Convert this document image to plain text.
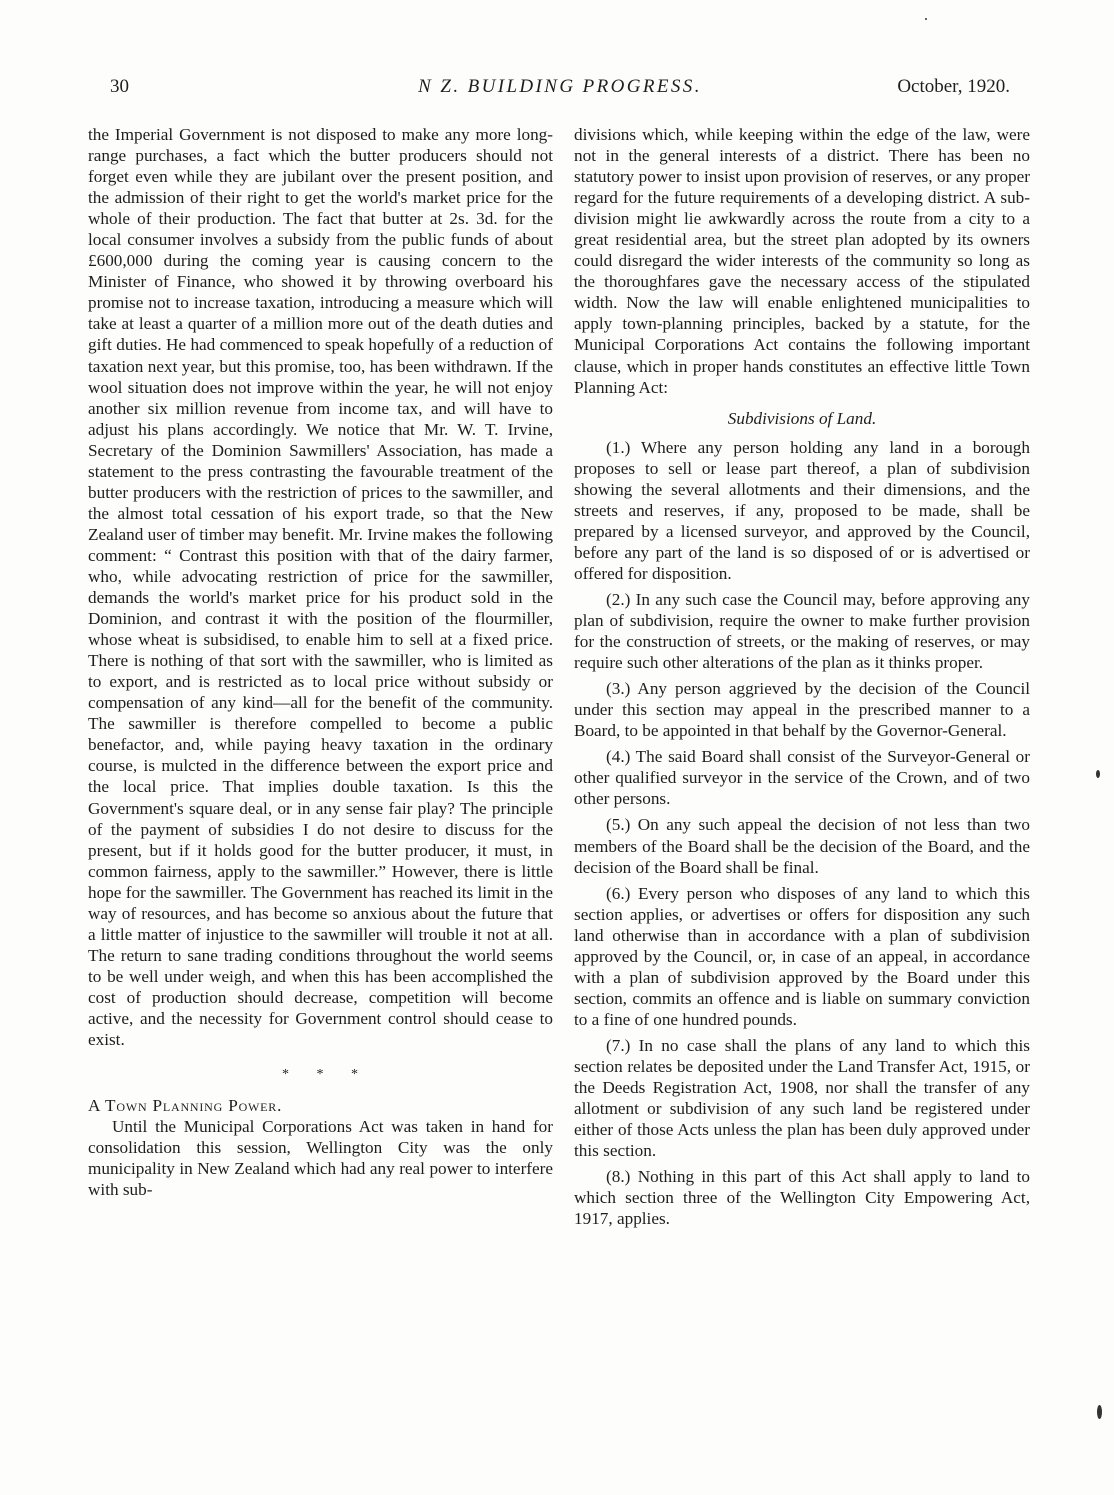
30	N Z. BUILDING PROGRESS.	October, 1920.

the Imperial Government is not disposed to make any more long-range purchases, a fact which the butter producers should not forget even while they are jubilant over the present position, and the admission of their right to get the world's market price for the whole of their production. The fact that butter at 2s. 3d. for the local consumer involves a subsidy from the public funds of about £600,000 during the coming year is causing concern to the Minister of Finance, who showed it by throwing overboard his promise not to increase taxation, introducing a measure which will take at least a quarter of a million more out of the death duties and gift duties. He had commenced to speak hopefully of a reduction of taxation next year, but this promise, too, has been withdrawn. If the wool situation does not improve within the year, he will not enjoy another six million revenue from income tax, and will have to adjust his plans accordingly. We notice that Mr. W. T. Irvine, Secretary of the Dominion Sawmillers' Association, has made a statement to the press contrasting the favourable treatment of the butter producers with the restriction of prices to the sawmiller, and the almost total cessation of his export trade, so that the New Zealand user of timber may benefit. Mr. Irvine makes the following comment: “ Contrast this position with that of the dairy farmer, who, while advocating restriction of price for the sawmiller, demands the world's market price for his product sold in the Dominion, and contrast it with the position of the flourmiller, whose wheat is subsidised, to enable him to sell at a fixed price. There is nothing of that sort with the sawmiller, who is limited as to export, and is restricted as to local price without subsidy or compensation of any kind—all for the benefit of the community. The sawmiller is therefore compelled to become a public benefactor, and, while paying heavy taxation in the ordinary course, is mulcted in the difference between the export price and the local price. That implies double taxation. Is this the Government's square deal, or in any sense fair play? The principle of the payment of subsidies I do not desire to discuss for the present, but if it holds good for the butter producer, it must, in common fairness, apply to the sawmiller.” However, there is little hope for the sawmiller. The Government has reached its limit in the way of resources, and has become so anxious about the future that a little matter of injustice to the sawmiller will trouble it not at all. The return to sane trading conditions throughout the world seems to be well under weigh, and when this has been accomplished the cost of production should decrease, competition will become active, and the necessity for Government control should cease to exist.

* * *

A Town Planning Power.

Until the Municipal Corporations Act was taken in hand for consolidation this session, Wellington City was the only municipality in New Zealand which had any real power to interfere with sub-

divisions which, while keeping within the edge of the law, were not in the general interests of a district. There has been no statutory power to insist upon provision of reserves, or any proper regard for the future requirements of a developing district. A subdivision might lie awkwardly across the route from a city to a great residential area, but the street plan adopted by its owners could disregard the wider interests of the community so long as the thoroughfares gave the necessary access of the stipulated width. Now the law will enable enlightened municipalities to apply town-planning principles, backed by a statute, for the Municipal Corporations Act contains the following important clause, which in proper hands constitutes an effective little Town Planning Act:

Subdivisions of Land.

(1.) Where any person holding any land in a borough proposes to sell or lease part thereof, a plan of subdivision showing the several allotments and their dimensions, and the streets and reserves, if any, proposed to be made, shall be prepared by a licensed surveyor, and approved by the Council, before any part of the land is so disposed of or is advertised or offered for disposition.

(2.) In any such case the Council may, before approving any plan of subdivision, require the owner to make further provision for the construction of streets, or the making of reserves, or may require such other alterations of the plan as it thinks proper.

(3.) Any person aggrieved by the decision of the Council under this section may appeal in the prescribed manner to a Board, to be appointed in that behalf by the Governor-General.

(4.) The said Board shall consist of the Surveyor-General or other qualified surveyor in the service of the Crown, and of two other persons.

(5.) On any such appeal the decision of not less than two members of the Board shall be the decision of the Board, and the decision of the Board shall be final.

(6.) Every person who disposes of any land to which this section applies, or advertises or offers for disposition any such land otherwise than in accordance with a plan of subdivision approved by the Council, or, in case of an appeal, in accordance with a plan of subdivision approved by the Board under this section, commits an offence and is liable on summary conviction to a fine of one hundred pounds.

(7.) In no case shall the plans of any land to which this section relates be deposited under the Land Transfer Act, 1915, or the Deeds Registration Act, 1908, nor shall the transfer of any allotment or subdivision of any such land be registered under either of those Acts unless the plan has been duly approved under this section.

(8.) Nothing in this part of this Act shall apply to land to which section three of the Wellington City Empowering Act, 1917, applies.
